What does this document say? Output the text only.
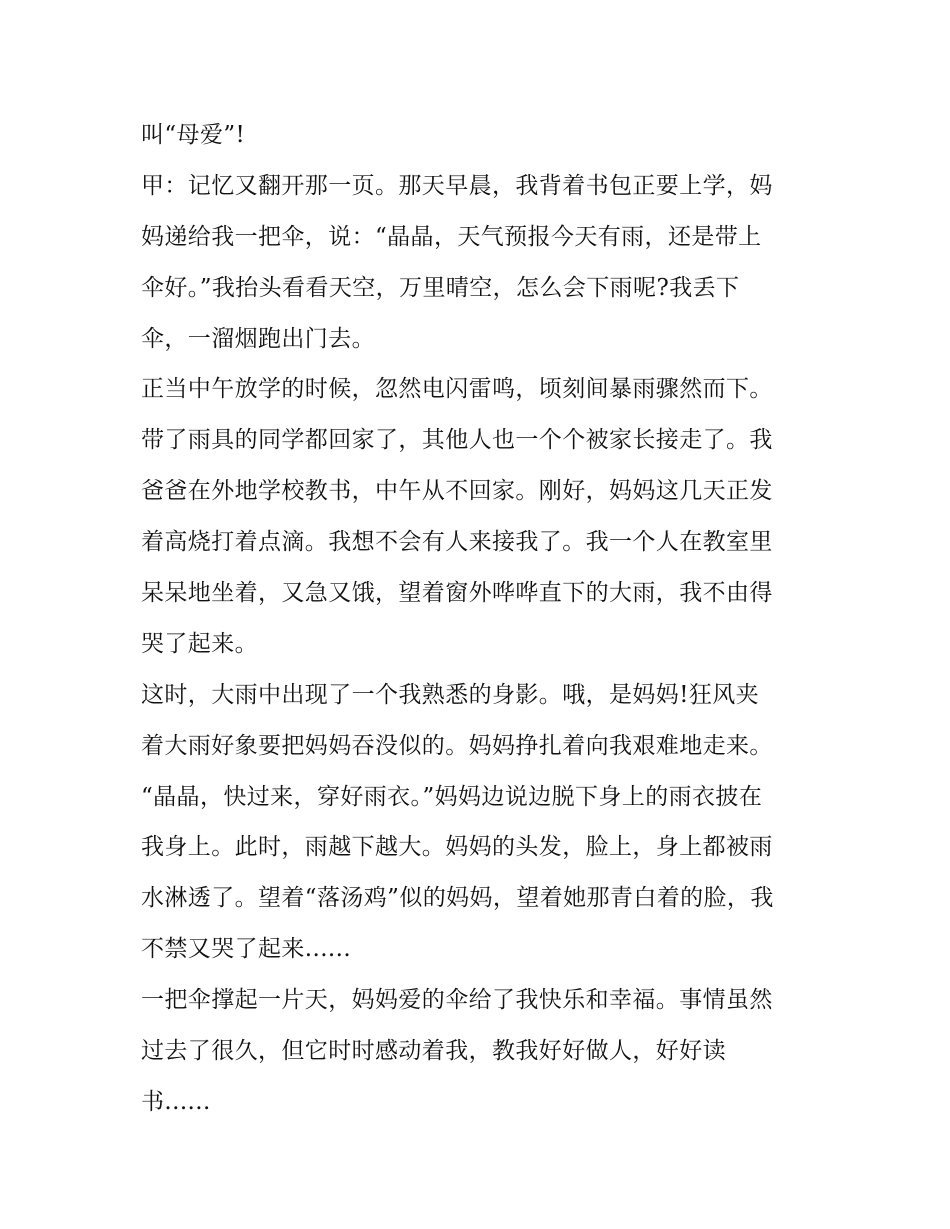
叫“母爱”!
甲：记忆又翻开那一页。那天早晨，我背着书包正要上学，妈
妈递给我一把伞，说：“晶晶，天气预报今天有雨，还是带上
伞好。”我抬头看看天空，万里晴空，怎么会下雨呢?我丢下
伞，一溜烟跑出门去。
正当中午放学的时候，忽然电闪雷鸣，顷刻间暴雨骤然而下。
带了雨具的同学都回家了，其他人也一个个被家长接走了。我
爸爸在外地学校教书，中午从不回家。刚好，妈妈这几天正发
着高烧打着点滴。我想不会有人来接我了。我一个人在教室里
呆呆地坐着，又急又饿，望着窗外哗哗直下的大雨，我不由得
哭了起来。
这时，大雨中出现了一个我熟悉的身影。哦，是妈妈!狂风夹
着大雨好象要把妈妈吞没似的。妈妈挣扎着向我艰难地走来。
“晶晶，快过来，穿好雨衣。”妈妈边说边脱下身上的雨衣披在
我身上。此时，雨越下越大。妈妈的头发，脸上，身上都被雨
水淋透了。望着“落汤鸡”似的妈妈，望着她那青白着的脸，我
不禁又哭了起来......
一把伞撑起一片天，妈妈爱的伞给了我快乐和幸福。事情虽然
过去了很久，但它时时感动着我，教我好好做人，好好读
书......
